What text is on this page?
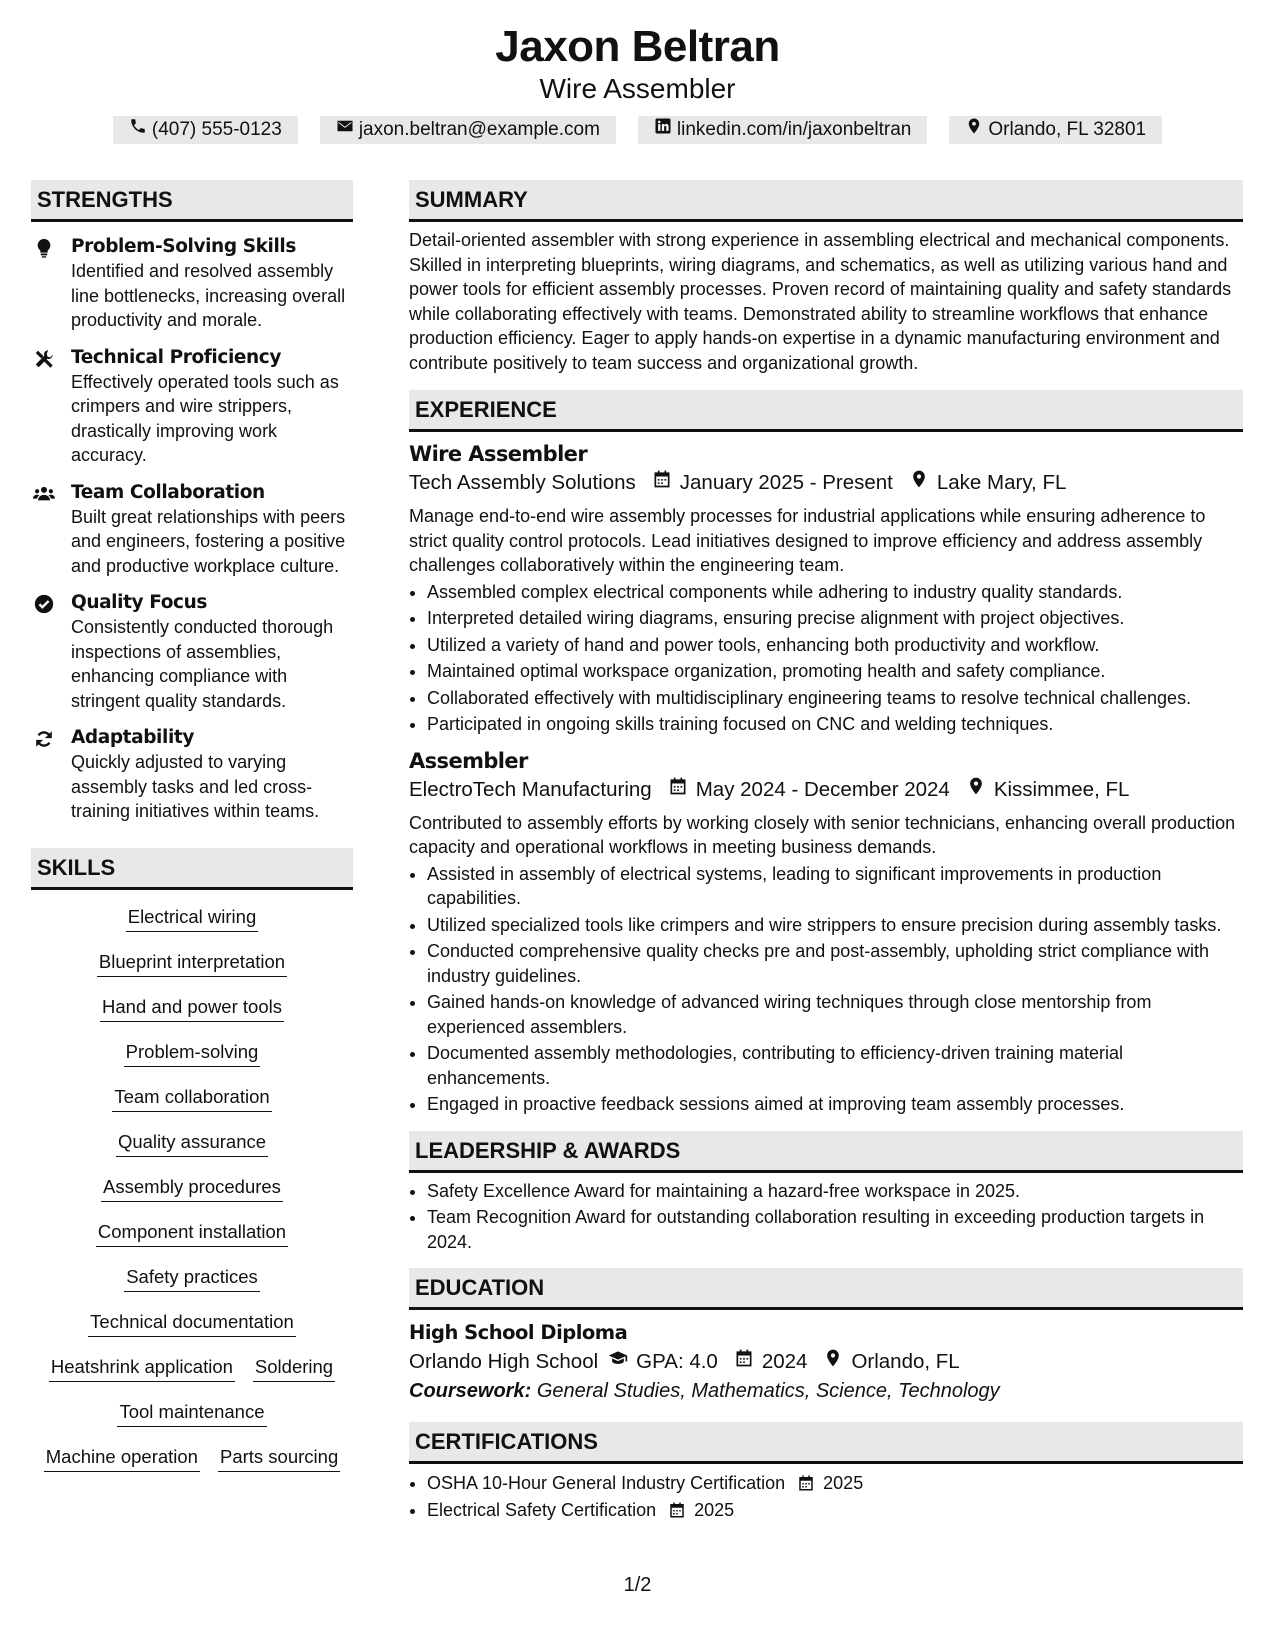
Jaxon Beltran
Wire Assembler
(407) 555-0123	jaxon.beltran@example.com	linkedin.com/in/jaxonbeltran	Orlando, FL 32801
STRENGTHS
Problem-Solving Skills
Identified and resolved assembly line bottlenecks, increasing overall productivity and morale.
Technical Proficiency
Effectively operated tools such as crimpers and wire strippers, drastically improving work accuracy.
Team Collaboration
Built great relationships with peers and engineers, fostering a positive and productive workplace culture.
Quality Focus
Consistently conducted thorough inspections of assemblies, enhancing compliance with stringent quality standards.
Adaptability
Quickly adjusted to varying assembly tasks and led cross-training initiatives within teams.
SKILLS
Electrical wiring
Blueprint interpretation
Hand and power tools
Problem-solving
Team collaboration
Quality assurance
Assembly procedures
Component installation
Safety practices
Technical documentation
Heatshrink application Soldering
Tool maintenance
Machine operation Parts sourcing
SUMMARY
Detail-oriented assembler with strong experience in assembling electrical and mechanical components. Skilled in interpreting blueprints, wiring diagrams, and schematics, as well as utilizing various hand and power tools for efficient assembly processes. Proven record of maintaining quality and safety standards while collaborating effectively with teams. Demonstrated ability to streamline workflows that enhance production efficiency. Eager to apply hands-on expertise in a dynamic manufacturing environment and contribute positively to team success and organizational growth.
EXPERIENCE
Wire Assembler
Tech Assembly Solutions January 2025 - Present Lake Mary, FL
Manage end-to-end wire assembly processes for industrial applications while ensuring adherence to strict quality control protocols. Lead initiatives designed to improve efficiency and address assembly challenges collaboratively within the engineering team.
• Assembled complex electrical components while adhering to industry quality standards.
• Interpreted detailed wiring diagrams, ensuring precise alignment with project objectives.
• Utilized a variety of hand and power tools, enhancing both productivity and workflow.
• Maintained optimal workspace organization, promoting health and safety compliance.
• Collaborated effectively with multidisciplinary engineering teams to resolve technical challenges.
• Participated in ongoing skills training focused on CNC and welding techniques.
Assembler
ElectroTech Manufacturing May 2024 - December 2024 Kissimmee, FL
Contributed to assembly efforts by working closely with senior technicians, enhancing overall production capacity and operational workflows in meeting business demands.
• Assisted in assembly of electrical systems, leading to significant improvements in production capabilities.
• Utilized specialized tools like crimpers and wire strippers to ensure precision during assembly tasks.
• Conducted comprehensive quality checks pre and post-assembly, upholding strict compliance with industry guidelines.
• Gained hands-on knowledge of advanced wiring techniques through close mentorship from experienced assemblers.
• Documented assembly methodologies, contributing to efficiency-driven training material enhancements.
• Engaged in proactive feedback sessions aimed at improving team assembly processes.
LEADERSHIP & AWARDS
• Safety Excellence Award for maintaining a hazard-free workspace in 2025.
• Team Recognition Award for outstanding collaboration resulting in exceeding production targets in 2024.
EDUCATION
High School Diploma
Orlando High School GPA: 4.0 2024 Orlando, FL
Coursework: General Studies, Mathematics, Science, Technology
CERTIFICATIONS
• OSHA 10-Hour General Industry Certification 2025
• Electrical Safety Certification 2025
1/2
